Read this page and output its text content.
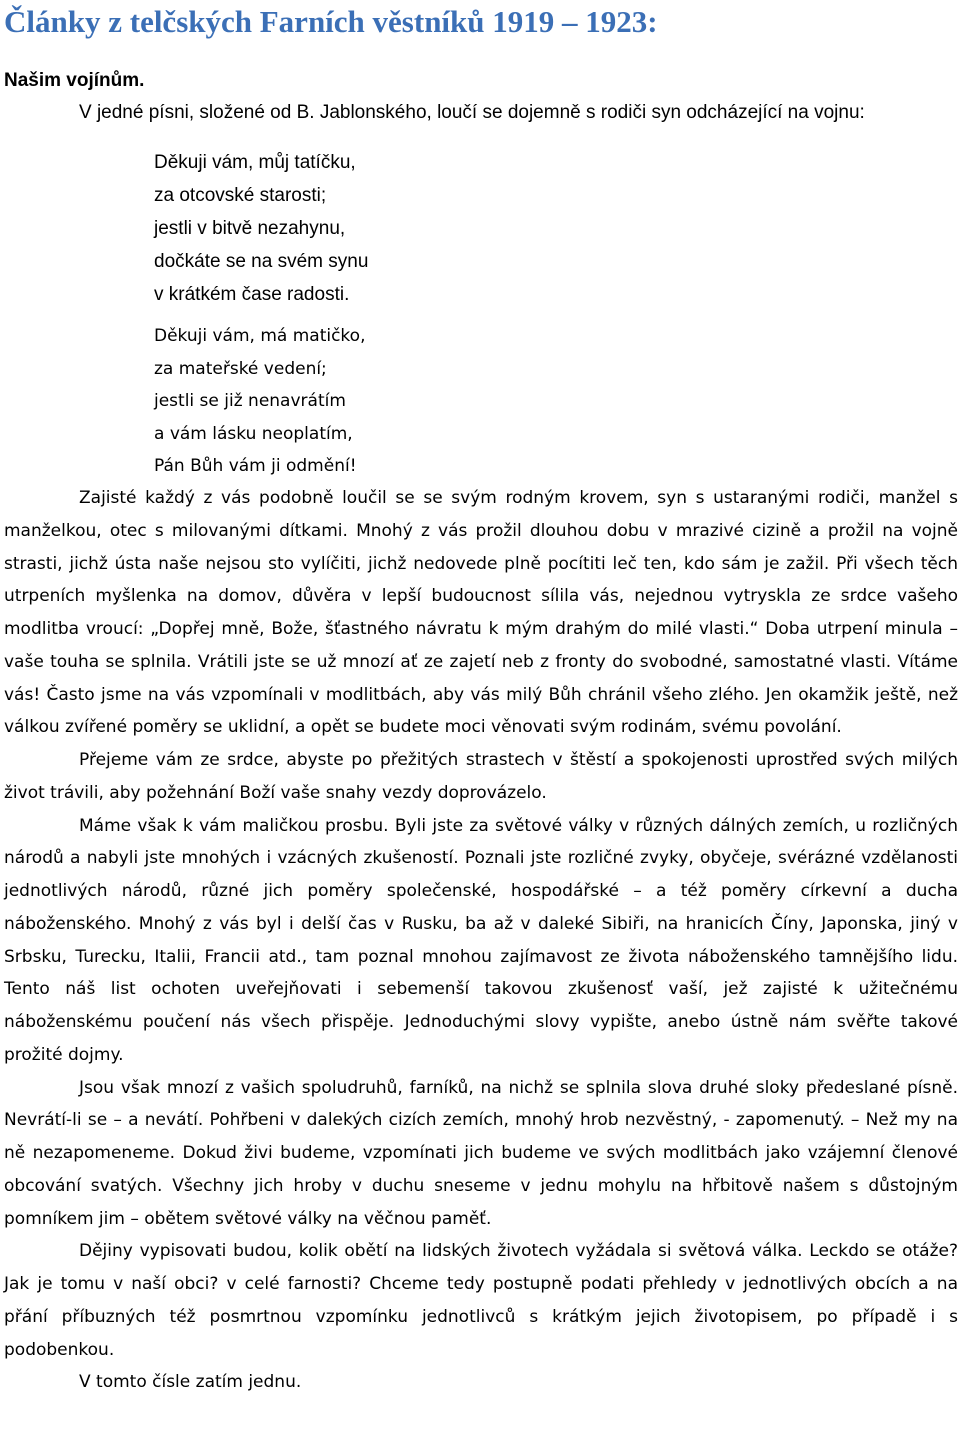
Články z telčských Farních věstníků 1919 – 1923:

Našim vojínům.

V jedné písni, složené od B. Jablonského, loučí se dojemně s rodiči syn odcházející na vojnu:

Děkuji vám, můj tatíčku,
za otcovské starosti;
jestli v bitvě nezahynu,
dočkáte se na svém synu
v krátkém čase radosti.
Děkuji vám, má matičko,
za mateřské vedení;
jestli se již nenavrátím
a vám lásku neoplatím,
Pán Bůh vám ji odmění!

Zajisté každý z vás podobně loučil se se svým rodným krovem, syn s ustaranými rodiči, manžel s manželkou, otec s milovanými dítkami. Mnohý z vás prožil dlouhou dobu v mrazivé cizině a prožil na vojně strasti, jichž ústa naše nejsou sto vylíčiti, jichž nedovede plně pocítiti leč ten, kdo sám je zažil. Při všech těch utrpeních myšlenka na domov, důvěra v lepší budoucnost sílila vás, nejednou vytryskla ze srdce vašeho modlitba vroucí: „Dopřej mně, Bože, šťastného návratu k mým drahým do milé vlasti.“ Doba utrpení minula – vaše touha se splnila. Vrátili jste se už mnozí ať ze zajetí neb z fronty do svobodné, samostatné vlasti. Vítáme vás! Často jsme na vás vzpomínali v modlitbách, aby vás milý Bůh chránil všeho zlého. Jen okamžik ještě, než válkou zvířené poměry se uklidní, a opět se budete moci věnovati svým rodinám, svému povolání.

Přejeme vám ze srdce, abyste po přežitých strastech v štěstí a spokojenosti uprostřed svých milých život trávili, aby požehnání Boží vaše snahy vezdy doprovázelo.

Máme však k vám maličkou prosbu. Byli jste za světové války v různých dálných zemích, u rozličných národů a nabyli jste mnohých i vzácných zkušeností. Poznali jste rozličné zvyky, obyčeje, svérázné vzdělanosti jednotlivých národů, různé jich poměry společenské, hospodářské – a též poměry církevní a ducha náboženského. Mnohý z vás byl i delší čas v Rusku, ba až v daleké Sibiři, na hranicích Číny, Japonska, jiný v Srbsku, Turecku, Italii, Francii atd., tam poznal mnohou zajímavost ze života náboženského tamnějšího lidu. Tento náš list ochoten uveřejňovati i sebemenší takovou zkušenosť vaší, jež zajisté k užitečnému náboženskému poučení nás všech přispěje. Jednoduchými slovy vypište, anebo ústně nám svěřte takové prožité dojmy.

Jsou však mnozí z vašich spoludruhů, farníků, na nichž se splnila slova druhé sloky předeslané písně. Nevrátí-li se – a nevátí. Pohřbeni v dalekých cizích zemích, mnohý hrob nezvěstný, - zapomenutý. – Než my na ně nezapomeneme. Dokud živi budeme, vzpomínati jich budeme ve svých modlitbách jako vzájemní členové obcování svatých. Všechny jich hroby v duchu sneseme v jednu mohylu na hřbitově našem s důstojným pomníkem jim – obětem světové války na věčnou paměť.

Dějiny vypisovati budou, kolik obětí na lidských životech vyžádala si světová válka. Leckdo se otáže? Jak je tomu v naší obci? v celé farnosti? Chceme tedy postupně podati přehledy v jednotlivých obcích a na přání příbuzných též posmrtnou vzpomínku jednotlivců s krátkým jejich životopisem, po případě i s podobenkou.

V tomto čísle zatím jednu.
